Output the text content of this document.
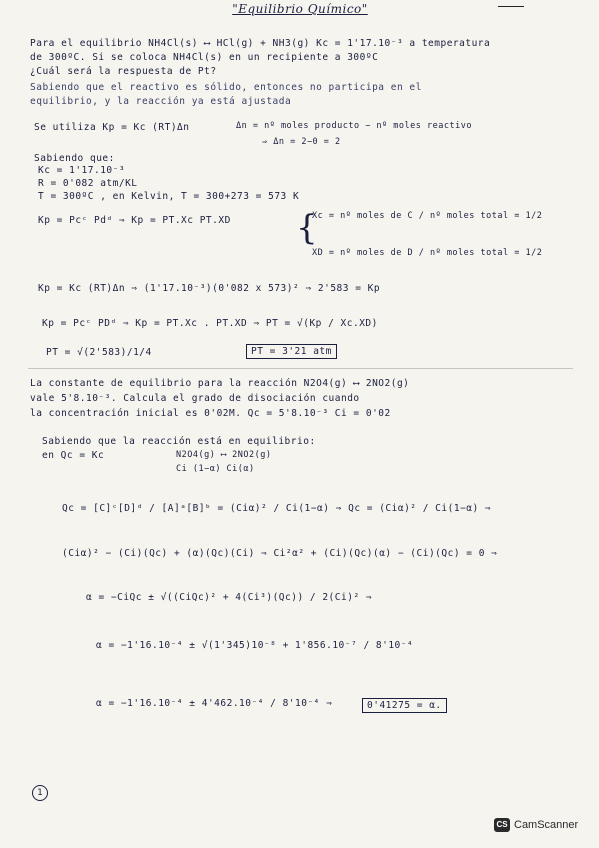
"Equilibrio Químico"
Para el equilibrio NH4Cl(s) ⟷ HCl(g) + NH3(g) Kc = 1'17.10⁻³ a temperatura
de 300ºC. Si se coloca NH4Cl(s) en un recipiente a 300ºC
¿Cuál será la respuesta de Pt?
Sabiendo que el reactivo es sólido, entonces no participa en el
equilibrio, y la reacción ya está ajustada
Se utiliza Kp = Kc (RT)Δn	Δn = nº moles producto − nº moles reactivo
⇒ Δn = 2−0 = 2
Sabiendo que:
Kc = 1'17.10⁻³
R = 0'082 atm/KL
T = 300ºC , en Kelvin, T = 300+273 = 573 K
Kp = Pcᶜ Pdᵈ ⇒ Kp = PT.Xc PT.XD {
Xc = nº moles de C / nº moles total = 1/2
XD = nº moles de D / nº moles total = 1/2
Kp = Kc (RT)Δn ⇒ (1'17.10⁻³)(0'082 x 573)² ⇒ 2'583 = Kp
Kp = Pcᶜ PDᵈ ⇒ Kp = PT.Xc . PT.XD ⇒ PT = √(Kp / Xc.XD)
PT = √(2'583)/1/4	PT = 3'21 atm
La constante de equilibrio para la reacción N2O4(g) ⟷ 2NO2(g)
vale 5'8.10⁻³. Calcula el grado de disociación cuando
la concentración inicial es 0'02M. Qc = 5'8.10⁻³ Ci = 0'02
Sabiendo que la reacción está en equilibrio:
en Qc = Kc	N2O4(g) ⟷ 2NO2(g)
Ci (1−α) Ci(α)
Qc = [C]ᶜ[D]ᵈ / [A]ᵃ[B]ᵇ = (Ciα)² / Ci(1−α) ⇒ Qc = (Ciα)² / Ci(1−α) ⇒
(Ciα)² − (Ci)(Qc) + (α)(Qc)(Ci) ⇒ Ci²α² + (Ci)(Qc)(α) − (Ci)(Qc) = 0 ⇒
α = −CiQc ± √((CiQc)² + 4(Ci³)(Qc)) / 2(Ci)² ⇒
α = −1'16.10⁻⁴ ± √(1'345)10⁻⁸ + 1'856.10⁻⁷ / 8'10⁻⁴
α = −1'16.10⁻⁴ ± 4'462.10⁻⁴ / 8'10⁻⁴ ⇒	0'41275 = α.
1
CS CamScanner
